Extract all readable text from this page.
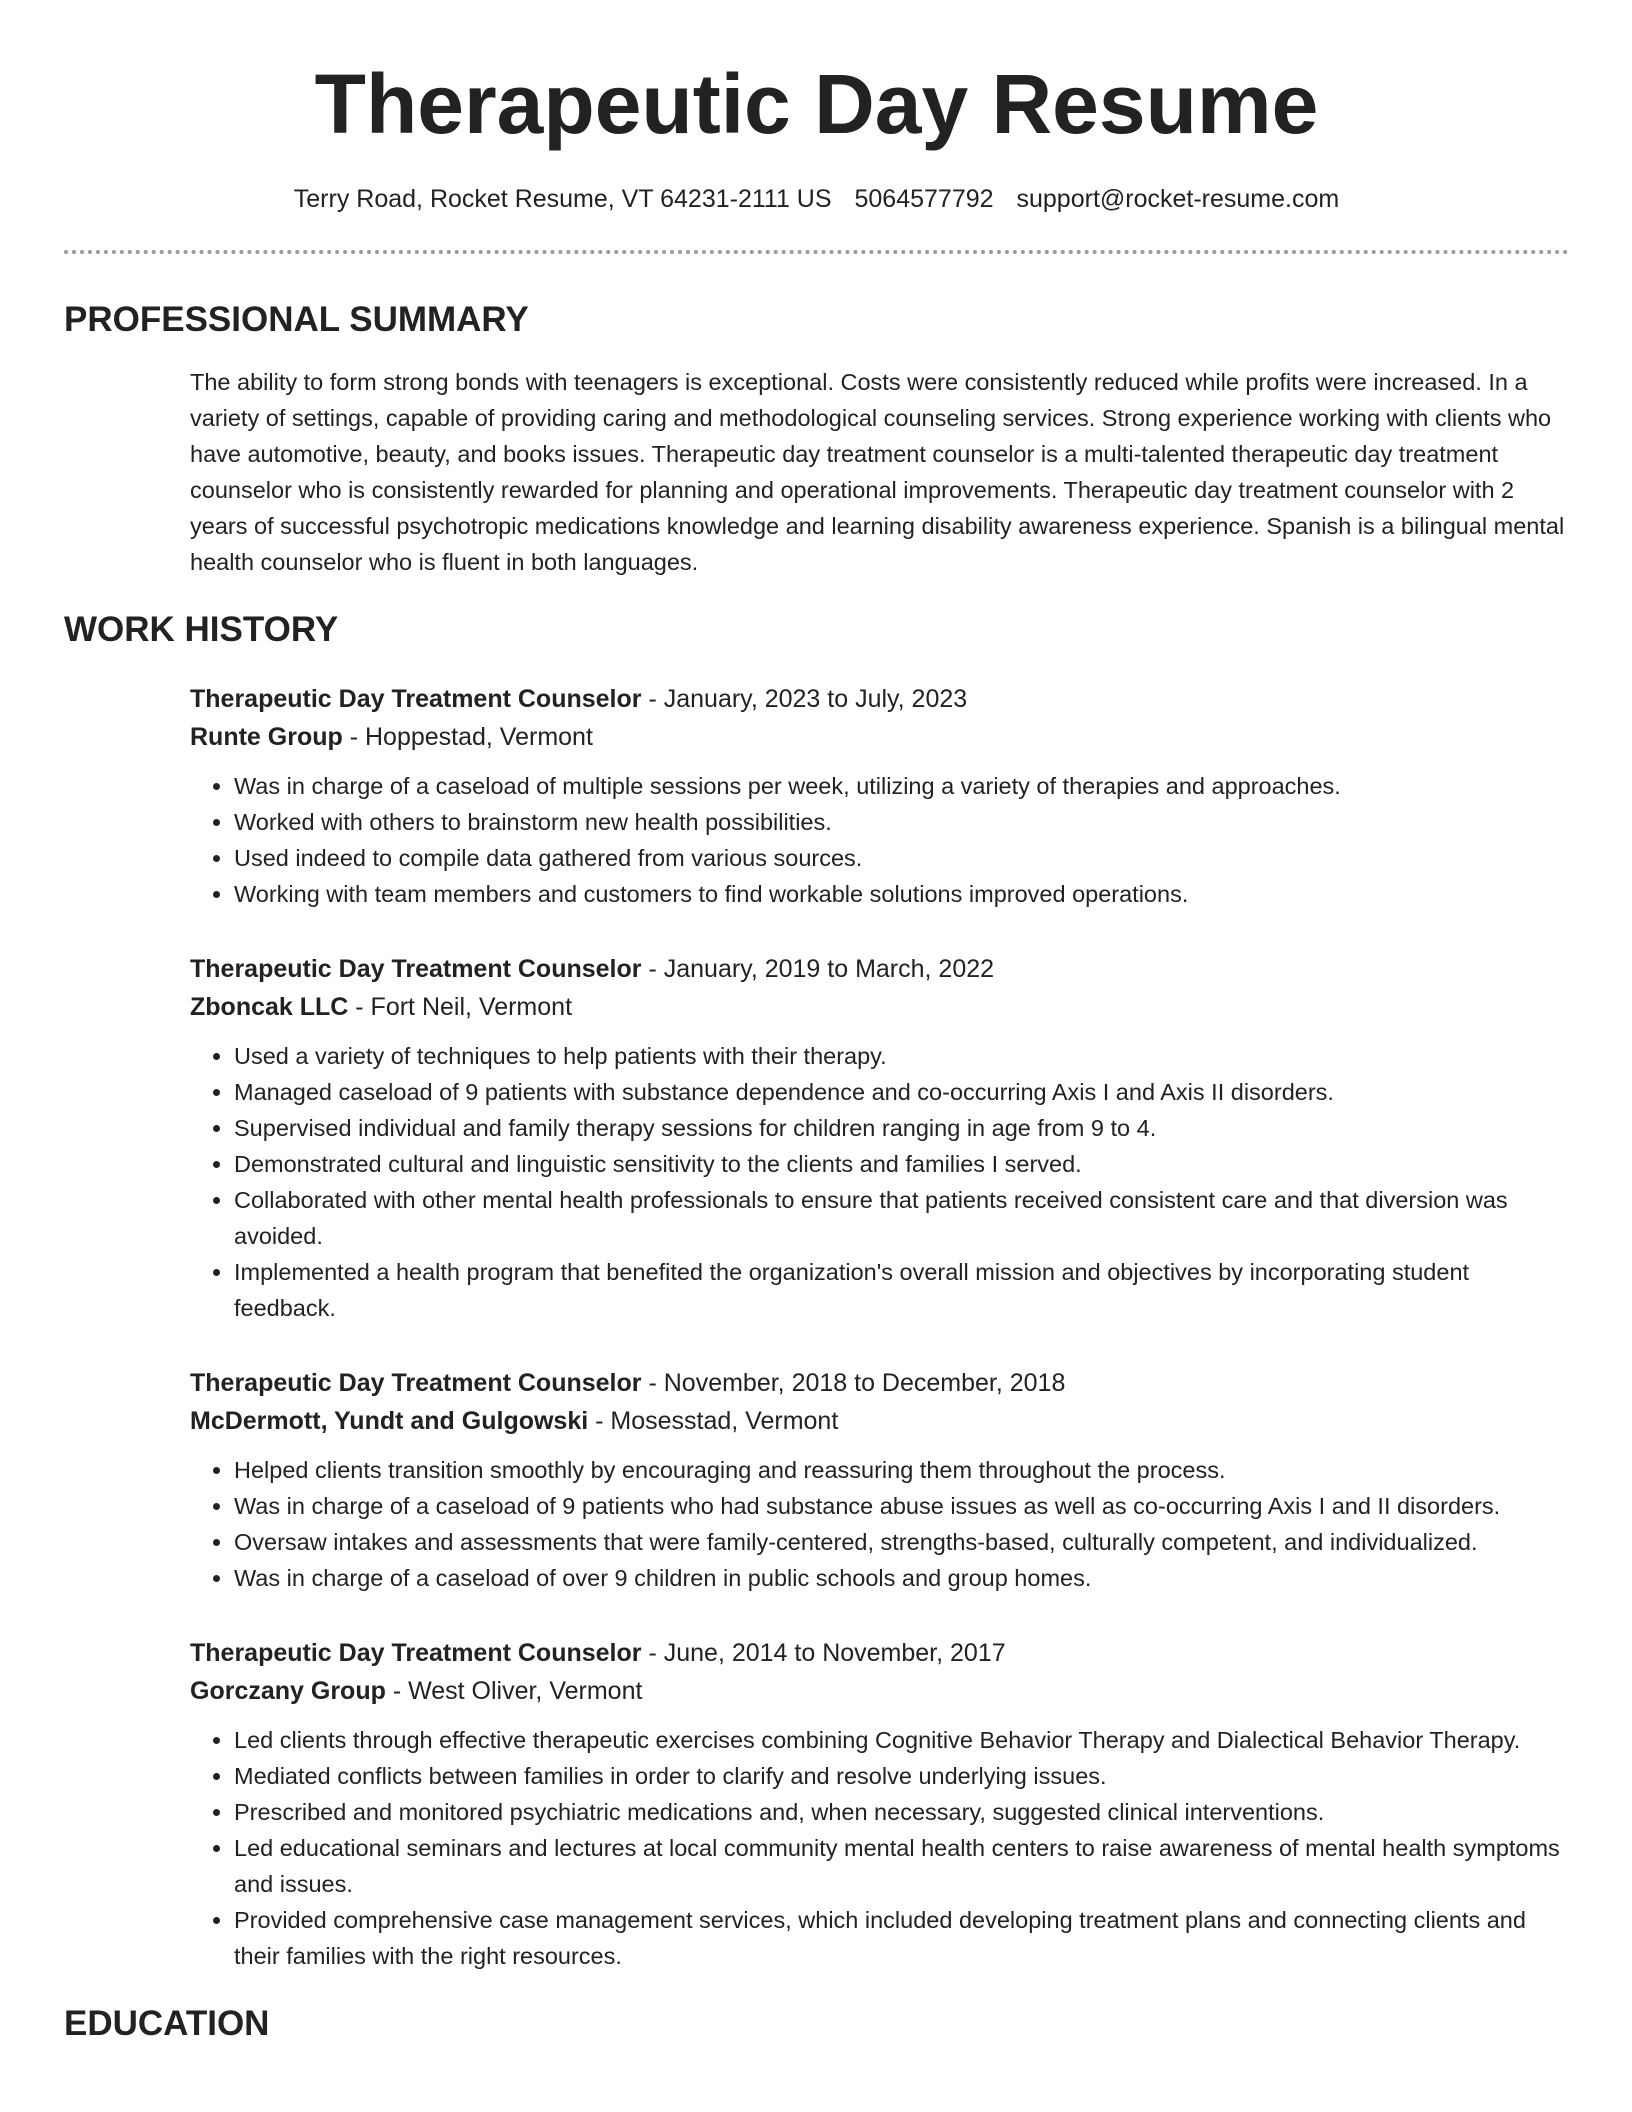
Therapeutic Day Resume
Terry Road, Rocket Resume, VT 64231-2111 US 5064577792 support@rocket-resume.com
PROFESSIONAL SUMMARY

The ability to form strong bonds with teenagers is exceptional. Costs were consistently reduced while profits were increased. In a variety of settings, capable of providing caring and methodological counseling services. Strong experience working with clients who have automotive, beauty, and books issues. Therapeutic day treatment counselor is a multi-talented therapeutic day treatment counselor who is consistently rewarded for planning and operational improvements. Therapeutic day treatment counselor with 2 years of successful psychotropic medications knowledge and learning disability awareness experience. Spanish is a bilingual mental health counselor who is fluent in both languages.

WORK HISTORY
Therapeutic Day Treatment Counselor - January, 2023 to July, 2023
Runte Group - Hoppestad, Vermont
• Was in charge of a caseload of multiple sessions per week, utilizing a variety of therapies and approaches.
• Worked with others to brainstorm new health possibilities.
• Used indeed to compile data gathered from various sources.
• Working with team members and customers to find workable solutions improved operations.
Therapeutic Day Treatment Counselor - January, 2019 to March, 2022
Zboncak LLC - Fort Neil, Vermont
• Used a variety of techniques to help patients with their therapy.
• Managed caseload of 9 patients with substance dependence and co-occurring Axis I and Axis II disorders.
• Supervised individual and family therapy sessions for children ranging in age from 9 to 4.
• Demonstrated cultural and linguistic sensitivity to the clients and families I served.
• Collaborated with other mental health professionals to ensure that patients received consistent care and that diversion was avoided.
• Implemented a health program that benefited the organization's overall mission and objectives by incorporating student feedback.
Therapeutic Day Treatment Counselor - November, 2018 to December, 2018
McDermott, Yundt and Gulgowski - Mosesstad, Vermont
• Helped clients transition smoothly by encouraging and reassuring them throughout the process.
• Was in charge of a caseload of 9 patients who had substance abuse issues as well as co-occurring Axis I and II disorders.
• Oversaw intakes and assessments that were family-centered, strengths-based, culturally competent, and individualized.
• Was in charge of a caseload of over 9 children in public schools and group homes.
Therapeutic Day Treatment Counselor - June, 2014 to November, 2017
Gorczany Group - West Oliver, Vermont
• Led clients through effective therapeutic exercises combining Cognitive Behavior Therapy and Dialectical Behavior Therapy.
• Mediated conflicts between families in order to clarify and resolve underlying issues.
• Prescribed and monitored psychiatric medications and, when necessary, suggested clinical interventions.
• Led educational seminars and lectures at local community mental health centers to raise awareness of mental health symptoms and issues.
• Provided comprehensive case management services, which included developing treatment plans and connecting clients and their families with the right resources.
EDUCATION
